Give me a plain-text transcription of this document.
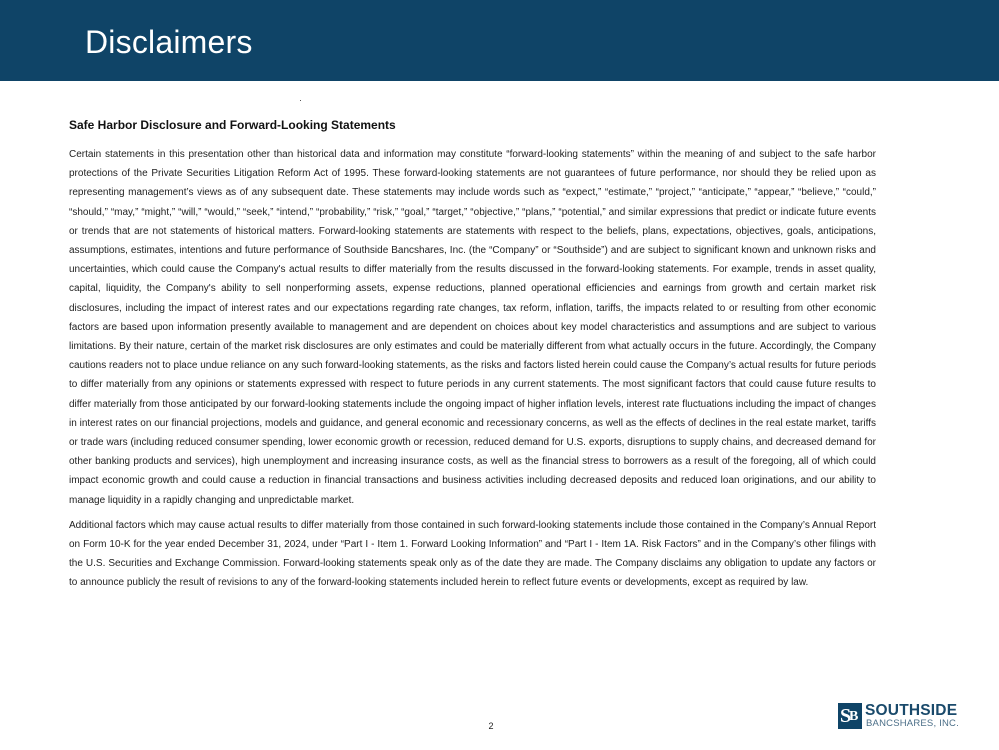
Disclaimers
Safe Harbor Disclosure and Forward-Looking Statements

Certain statements in this presentation other than historical data and information may constitute “forward-looking statements” within the meaning of and subject to the safe harbor protections of the Private Securities Litigation Reform Act of 1995. These forward-looking statements are not guarantees of future performance, nor should they be relied upon as representing management’s views as of any subsequent date. These statements may include words such as “expect,” “estimate,” “project,” “anticipate,” “appear,” “believe,” “could,” “should,” “may,” “might,” “will,” “would,” “seek,” “intend,” “probability,” “risk,” “goal,” “target,” “objective,” “plans,” “potential,” and similar expressions that predict or indicate future events or trends that are not statements of historical matters. Forward-looking statements are statements with respect to the beliefs, plans, expectations, objectives, goals, anticipations, assumptions, estimates, intentions and future performance of Southside Bancshares, Inc. (the “Company” or “Southside”) and are subject to significant known and unknown risks and uncertainties, which could cause the Company's actual results to differ materially from the results discussed in the forward-looking statements. For example, trends in asset quality, capital, liquidity, the Company's ability to sell nonperforming assets, expense reductions, planned operational efficiencies and earnings from growth and certain market risk disclosures, including the impact of interest rates and our expectations regarding rate changes, tax reform, inflation, tariffs, the impacts related to or resulting from other economic factors are based upon information presently available to management and are dependent on choices about key model characteristics and assumptions and are subject to various limitations. By their nature, certain of the market risk disclosures are only estimates and could be materially different from what actually occurs in the future. Accordingly, the Company cautions readers not to place undue reliance on any such forward-looking statements, as the risks and factors listed herein could cause the Company’s actual results for future periods to differ materially from any opinions or statements expressed with respect to future periods in any current statements. The most significant factors that could cause future results to differ materially from those anticipated by our forward-looking statements include the ongoing impact of higher inflation levels, interest rate fluctuations including the impact of changes in interest rates on our financial projections, models and guidance, and general economic and recessionary concerns, as well as the effects of declines in the real estate market, tariffs or trade wars (including reduced consumer spending, lower economic growth or recession, reduced demand for U.S. exports, disruptions to supply chains, and decreased demand for other banking products and services), high unemployment and increasing insurance costs, as well as the financial stress to borrowers as a result of the foregoing, all of which could impact economic growth and could cause a reduction in financial transactions and business activities including decreased deposits and reduced loan originations, and our ability to manage liquidity in a rapidly changing and unpredictable market.

Additional factors which may cause actual results to differ materially from those contained in such forward-looking statements include those contained in the Company’s Annual Report on Form 10-K for the year ended December 31, 2024, under “Part I - Item 1. Forward Looking Information” and “Part I - Item 1A. Risk Factors” and in the Company’s other filings with the U.S. Securities and Exchange Commission. Forward-looking statements speak only as of the date they are made. The Company disclaims any obligation to update any factors or to announce publicly the result of revisions to any of the forward-looking statements included herein to reflect future events or developments, except as required by law.

2	S
B SOUTHSIDE
BANCSHARES, INC.
